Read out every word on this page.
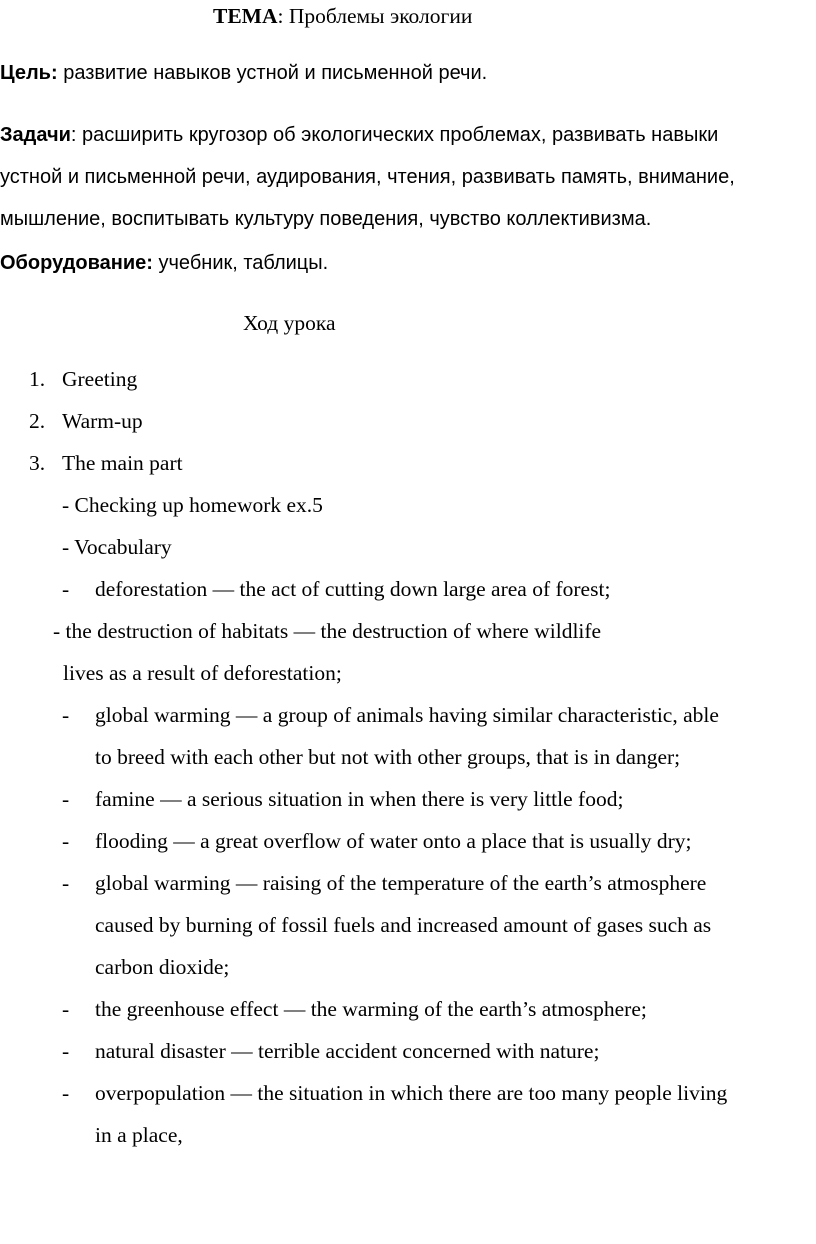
ТЕМА: Проблемы экологии
Цель: развитие навыков устной и письменной речи.
Задачи: расширить кругозор об экологических проблемах, развивать навыки
устной и письменной речи, аудирования, чтения, развивать память, внимание,
мышление, воспитывать культуру поведения, чувство коллективизма.
Оборудование: учебник, таблицы.
Ход урока
1. Greeting
2. Warm-up
3. The main part
- Checking up homework ex.5
- Vocabulary
- deforestation — the act of cutting down large area of forest;
- the destruction of habitats — the destruction of where wildlife
lives as a result of deforestation;
- global warming — a group of animals having similar characteristic, able
to breed with each other but not with other groups, that is in danger;
- famine — a serious situation in when there is very little food;
- flooding — a great overflow of water onto a place that is usually dry;
- global warming — raising of the temperature of the earth’s atmosphere
caused by burning of fossil fuels and increased amount of gases such as
carbon dioxide;
- the greenhouse effect — the warming of the earth’s atmosphere;
- natural disaster — terrible accident concerned with nature;
- overpopulation — the situation in which there are too many people living
in a place,
